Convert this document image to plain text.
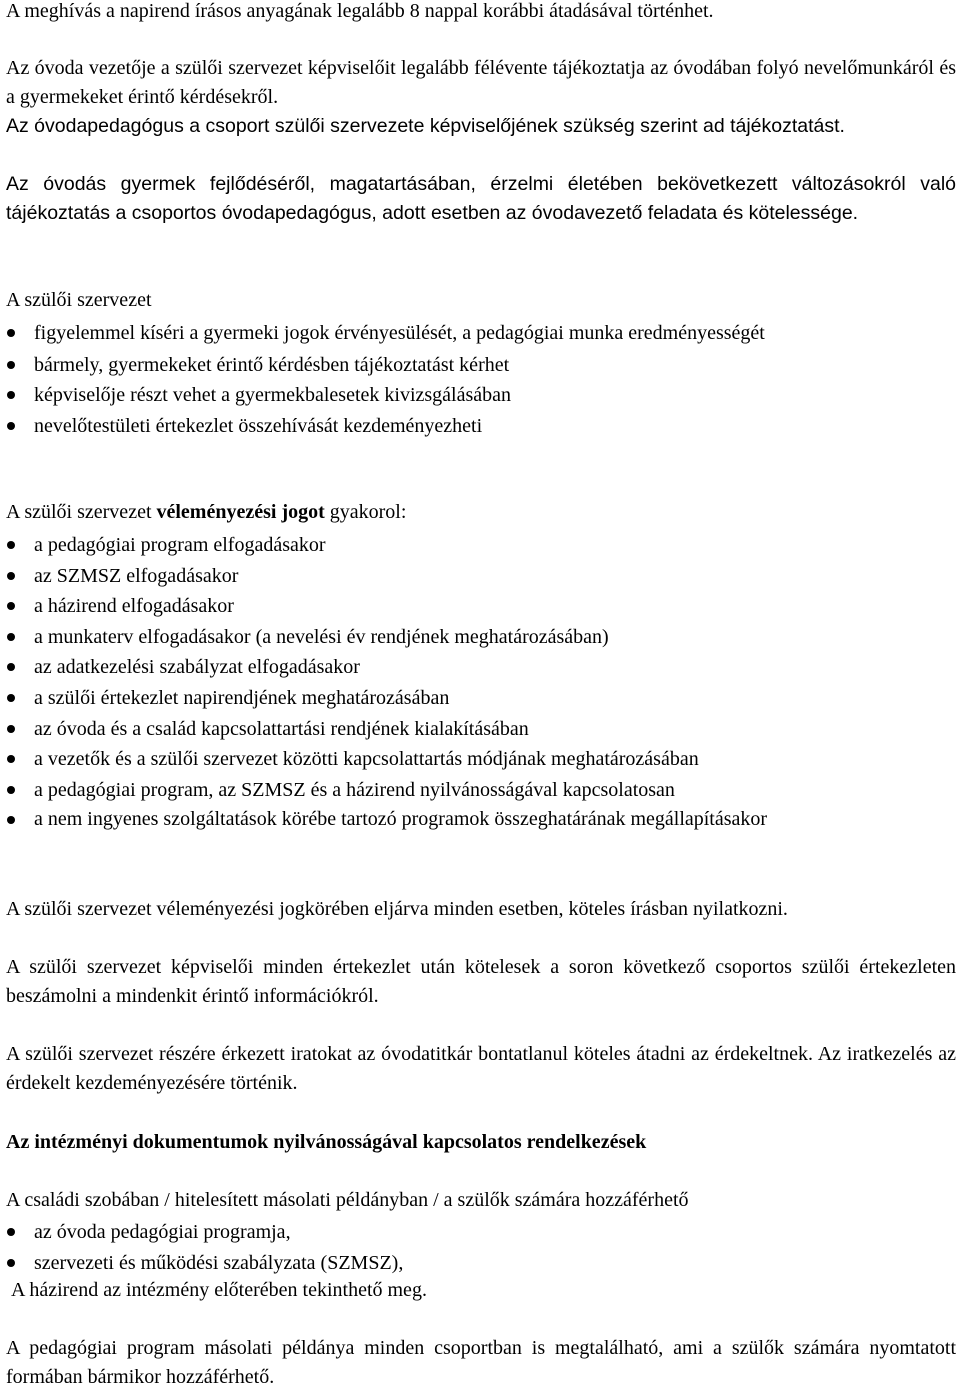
A meghívás a napirend írásos anyagának legalább 8 nappal korábbi átadásával történhet.

Az óvoda vezetője a szülői szervezet képviselőit legalább félévente tájékoztatja az óvodában folyó nevelőmunkáról és a gyermekeket érintő kérdésekről.

Az óvodapedagógus a csoport szülői szervezete képviselőjének szükség szerint ad tájékoztatást.

Az óvodás gyermek fejlődéséről, magatartásában, érzelmi életében bekövetkezett változásokról való tájékoztatás a csoportos óvodapedagógus, adott esetben az óvodavezető feladata és kötelessége.

A szülői szervezet

figyelemmel kíséri a gyermeki jogok érvényesülését, a pedagógiai munka eredményességét
bármely, gyermekeket érintő kérdésben tájékoztatást kérhet
képviselője részt vehet a gyermekbalesetek kivizsgálásában
nevelőtestületi értekezlet összehívását kezdeményezheti

A szülői szervezet véleményezési jogot gyakorol:

a pedagógiai program elfogadásakor
az SZMSZ elfogadásakor
a házirend elfogadásakor
a munkaterv elfogadásakor (a nevelési év rendjének meghatározásában)
az adatkezelési szabályzat elfogadásakor
a szülői értekezlet napirendjének meghatározásában
az óvoda és a család kapcsolattartási rendjének kialakításában
a vezetők és a szülői szervezet közötti kapcsolattartás módjának meghatározásában
a pedagógiai program, az SZMSZ és a házirend nyilvánosságával kapcsolatosan
a nem ingyenes szolgáltatások körébe tartozó programok összeghatárának megállapításakor

A szülői szervezet véleményezési jogkörében eljárva minden esetben, köteles írásban nyilatkozni.

A szülői szervezet képviselői minden értekezlet után kötelesek a soron következő csoportos szülői értekezleten beszámolni a mindenkit érintő információkról.

A szülői szervezet részére érkezett iratokat az óvodatitkár bontatlanul köteles átadni az érdekeltnek. Az iratkezelés az érdekelt kezdeményezésére történik.

Az intézményi dokumentumok nyilvánosságával kapcsolatos rendelkezések

A családi szobában / hitelesített másolati példányban / a szülők számára hozzáférhető

az óvoda pedagógiai programja,
szervezeti és működési szabályzata (SZMSZ),

A házirend az intézmény előterében tekinthető meg.

A pedagógiai program másolati példánya minden csoportban is megtalálható, ami a szülők számára nyomtatott formában bármikor hozzáférhető.
